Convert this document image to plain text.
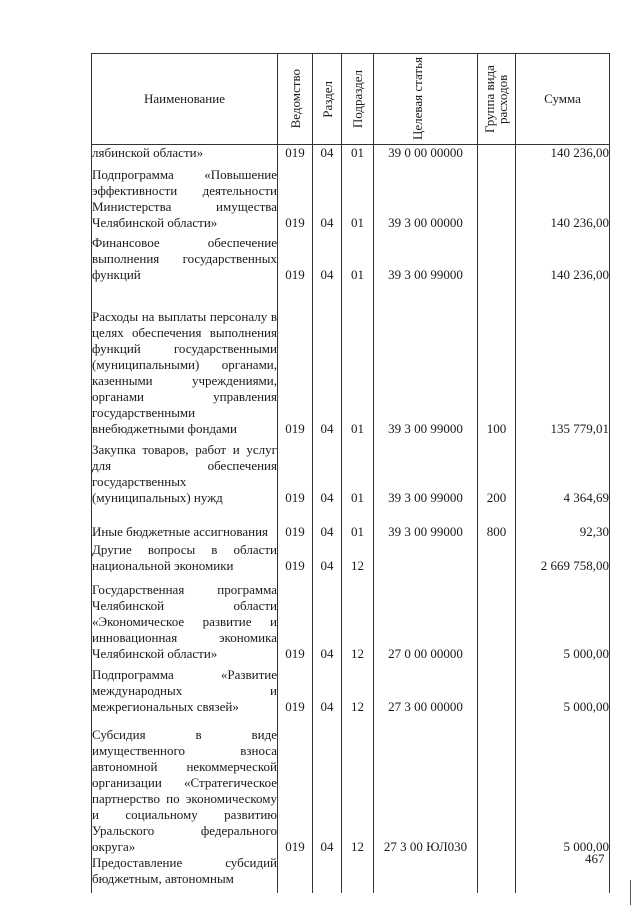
Наименование	Ведомство	Раздел	Подраздел	Целевая статья	Группа вида расходов	Сумма
лябинской области»	019	04	01	39 0 00 00000		140 236,00
Подпрограмма «Повышение эффективности деятельности Министерства имущества Челябинской области»	019	04	01	39 3 00 00000		140 236,00
Финансовое обеспечение выполнения государственных функций	019	04	01	39 3 00 99000		140 236,00
Расходы на выплаты персоналу в целях обеспечения выполнения функций государственными (муниципальными) органами, казенными учреждениями, органами управления государственными внебюджетными фондами	019	04	01	39 3 00 99000	100	135 779,01
Закупка товаров, работ и услуг для обеспечения государственных (муниципальных) нужд	019	04	01	39 3 00 99000	200	4 364,69
Иные бюджетные ассигнования	019	04	01	39 3 00 99000	800	92,30
Другие вопросы в области национальной экономики	019	04	12			2 669 758,00
Государственная программа Челябинской области «Экономическое развитие и инновационная экономика Челябинской области»	019	04	12	27 0 00 00000		5 000,00
Подпрограмма «Развитие международных и межрегиональных связей»	019	04	12	27 3 00 00000		5 000,00
Субсидия в виде имущественного взноса автономной некоммерческой организации «Стратегическое партнерство по экономическому и социальному развитию Уральского федерального округа»	019	04	12	27 3 00 ЮЛ030		5 000,00
Предоставление субсидий бюджетным, автономным						
467
